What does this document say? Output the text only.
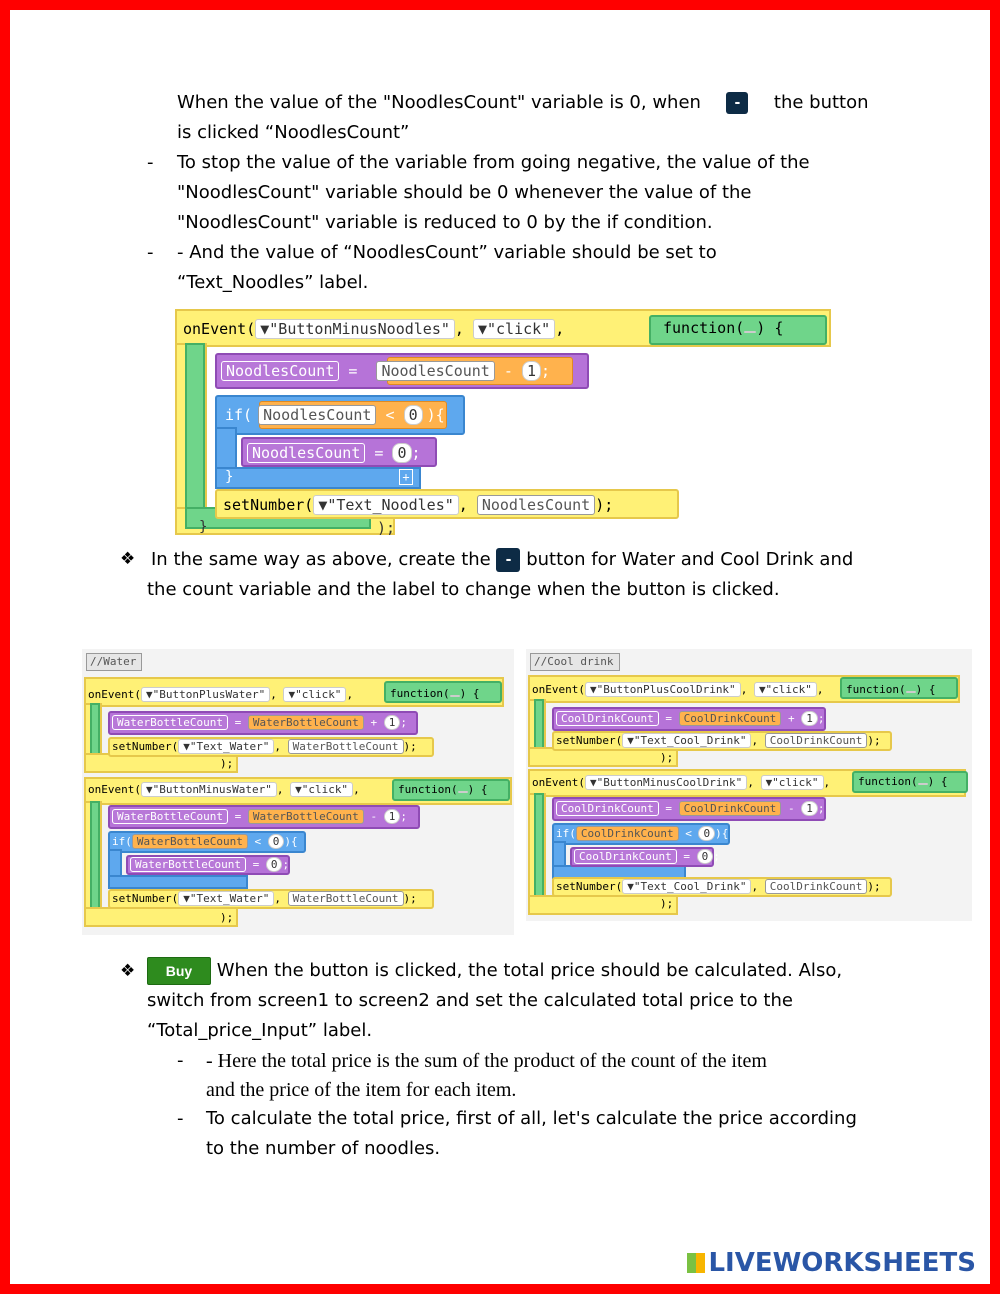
When the value of the "NoodlesCount" variable is 0, when - the button
is clicked “NoodlesCount”
- To stop the value of the variable from going negative, the value of the
"NoodlesCount" variable should be 0 whenever the value of the
"NoodlesCount" variable is reduced to 0 by the if condition.
- - And the value of “NoodlesCount” variable should be set to
“Text_Noodles” label.
onEvent( ▼"ButtonMinusNoodles" , ▼"click" ,	function( ) {
NoodlesCount = NoodlesCount - 1 ;
if( NoodlesCount < 0 ){
NoodlesCount = 0 ;
}	+
setNumber( ▼"Text_Noodles" , NoodlesCount );
}	);
❖ In the same way as above, create the - button for Water and Cool Drink and
the count variable and the label to change when the button is clicked.
//Water
onEvent( ▼"ButtonPlusWater" , ▼"click" ,	function( ) {
WaterBottleCount = WaterBottleCount + 1 ;
setNumber( ▼"Text_Water" , WaterBottleCount );
);
onEvent( ▼"ButtonMinusWater" , ▼"click" ,	function( ) {
WaterBottleCount = WaterBottleCount - 1 ;
if( WaterBottleCount < 0 ){
WaterBottleCount = 0 ;
setNumber( ▼"Text_Water" , WaterBottleCount );
);
//Cool drink
onEvent( ▼"ButtonPlusCoolDrink" , ▼"click" , function( ) {
CoolDrinkCount = CoolDrinkCount + 1 ;
setNumber( ▼"Text_Cool_Drink" , CoolDrinkCount );
);
onEvent( ▼"ButtonMinusCoolDrink" , ▼"click" ,	function( ) {
CoolDrinkCount = CoolDrinkCount - 1 ;
if( CoolDrinkCount < 0 ){
CoolDrinkCount = 0 ;
setNumber( ▼"Text_Cool_Drink" , CoolDrinkCount );
);
❖	Buy When the button is clicked, the total price should be calculated. Also,
switch from screen1 to screen2 and set the calculated total price to the
“Total_price_Input” label.
- - Here the total price is the sum of the product of the count of the item
and the price of the item for each item.
- To calculate the total price, first of all, let's calculate the price according
to the number of noodles.
LIVEWORKSHEETS
